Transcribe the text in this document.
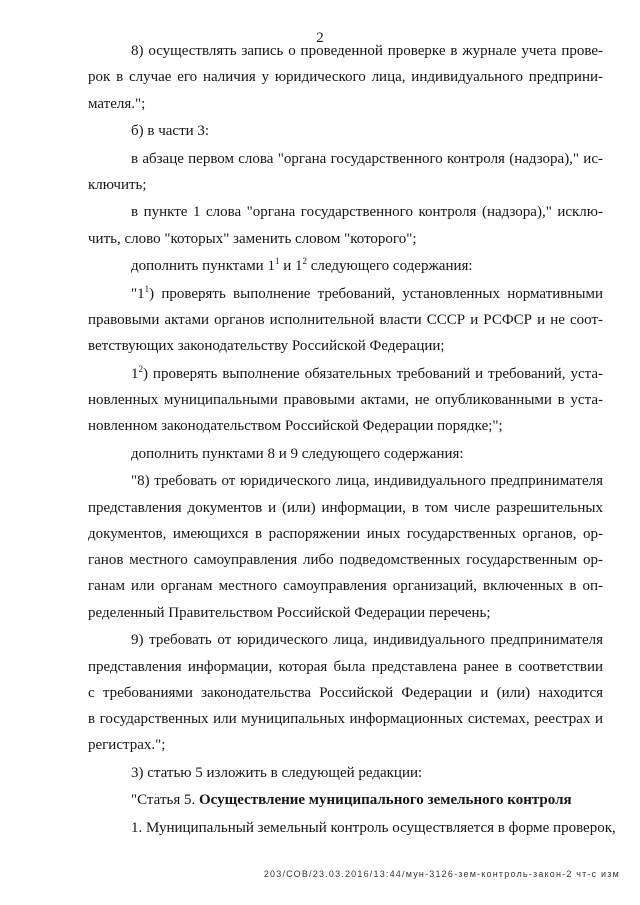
2
8) осуществлять запись о проведенной проверке в журнале учета прове-
рок в случае его наличия у юридического лица, индивидуального предприни-
мателя.";
б) в части 3:
в абзаце первом слова "органа государственного контроля (надзора)," ис-
ключить;
в пункте 1 слова "органа государственного контроля (надзора)," исклю-
чить, слово "которых" заменить словом "которого";
дополнить пунктами $1^1$ и $1^2$ следующего содержания:
"$1^1$) проверять выполнение требований, установленных нормативными
правовыми актами органов исполнительной власти СССР и РСФСР и не соот-
ветствующих законодательству Российской Федерации;
$1^2$) проверять выполнение обязательных требований и требований, уста-
новленных муниципальными правовыми актами, не опубликованными в уста-
новленном законодательством Российской Федерации порядке;";
дополнить пунктами 8 и 9 следующего содержания:
"8) требовать от юридического лица, индивидуального предпринимателя
представления документов и (или) информации, в том числе разрешительных
документов, имеющихся в распоряжении иных государственных органов, ор-
ганов местного самоуправления либо подведомственных государственным ор-
ганам или органам местного самоуправления организаций, включенных в оп-
ределенный Правительством Российской Федерации перечень;
9) требовать от юридического лица, индивидуального предпринимателя
представления информации, которая была представлена ранее в соответствии
с требованиями законодательства Российской Федерации и (или) находится
в государственных или муниципальных информационных системах, реестрах и
регистрах.";
3) статью 5 изложить в следующей редакции:
"Статья 5. Осуществление муниципального земельного контроля
1. Муниципальный земельный контроль осуществляется в форме проверок,
203/СОВ/23.03.2016/13:44/мун-3126-зем-контроль-закон-2 чт-с изм
